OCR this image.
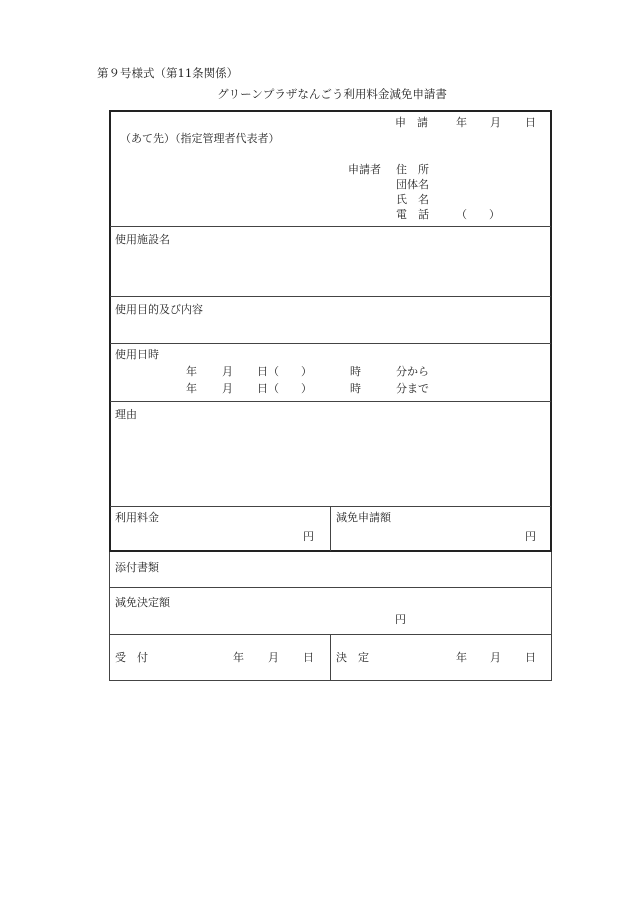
第９号様式（第11条関係）
グリーンプラザなんごう利用料金減免申請書
申　請	年 月 日
（あて先）（指定管理者代表者）
申請者 住　所
団体名
氏　名
電　話 （　　）
使用施設名
使用目的及び内容
使用日時
年 月 日（　　）	時	分から
年 月 日（　　）	時	分まで
理由
利用料金
円
減免申請額
円
添付書類
減免決定額
円
受　付	年 月 日 決　定	年 月 日
